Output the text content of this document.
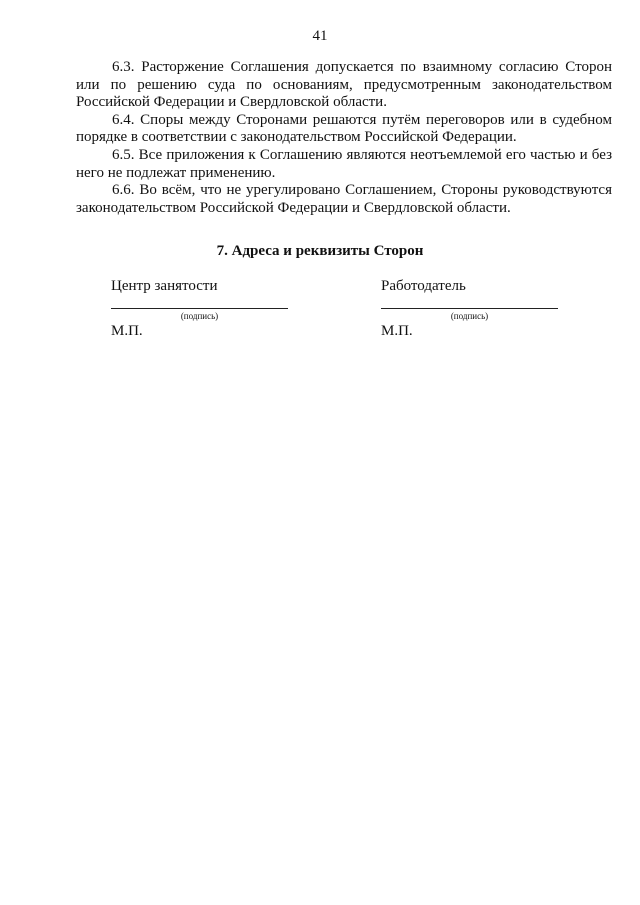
41

6.3. Расторжение Соглашения допускается по взаимному согласию Сторон или по решению суда по основаниям, предусмотренным законодательством Российской Федерации и Свердловской области.

6.4. Споры между Сторонами решаются путём переговоров или в судебном порядке в соответствии с законодательством Российской Федерации.

6.5. Все приложения к Соглашению являются неотъемлемой его частью и без него не подлежат применению.

6.6. Во всём, что не урегулировано Соглашением, Стороны руководствуются законодательством Российской Федерации и Свердловской области.

7. Адреса и реквизиты Сторон
Центр занятости
(подпись)
М.П.
Работодатель
(подпись)
М.П.
